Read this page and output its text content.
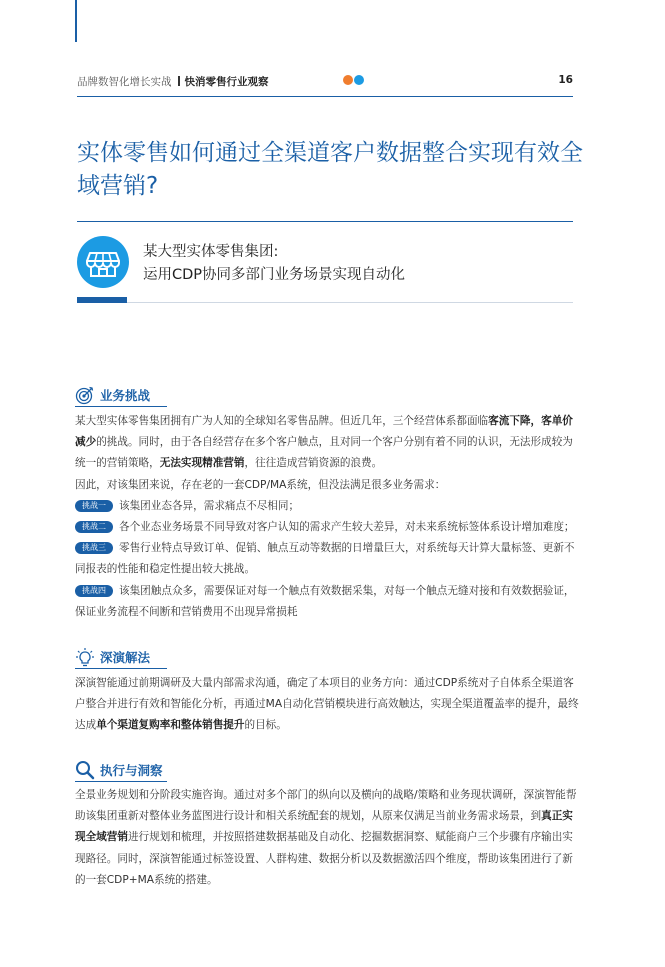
品牌数智化增长实战 快消零售行业观察	16
实体零售如何通过全渠道客户数据整合实现有效全域营销?
某大型实体零售集团:
运用CDP协同多部门业务场景实现自动化
业务挑战

某大型实体零售集团拥有广为人知的全球知名零售品牌。但近几年，三个经营体系都面临客流下降，客单价减少的挑战。同时，由于各自经营存在多个客户触点，且对同一个客户分别有着不同的认识，无法形成较为统一的营销策略，无法实现精准营销，往往造成营销资源的浪费。

因此，对该集团来说，存在老的一套CDP/MA系统，但没法满足很多业务需求：

挑战一 该集团业态各异，需求痛点不尽相同；

挑战二 各个业态业务场景不同导致对客户认知的需求产生较大差异，对未来系统标签体系设计增加难度；

挑战三 零售行业特点导致订单、促销、触点互动等数据的日增量巨大，对系统每天计算大量标签、更新不同报表的性能和稳定性提出较大挑战。

挑战四 该集团触点众多，需要保证对每一个触点有效数据采集，对每一个触点无缝对接和有效数据验证，保证业务流程不间断和营销费用不出现异常损耗

深演解法

深演智能通过前期调研及大量内部需求沟通，确定了本项目的业务方向：通过CDP系统对子自体系全渠道客户整合并进行有效和智能化分析，再通过MA自动化营销模块进行高效触达，实现全渠道覆盖率的提升，最终达成单个渠道复购率和整体销售提升的目标。

执行与洞察

全景业务规划和分阶段实施咨询。通过对多个部门的纵向以及横向的战略/策略和业务现状调研，深演智能帮助该集团重新对整体业务蓝图进行设计和相关系统配套的规划，从原来仅满足当前业务需求场景，到真正实现全域营销进行规划和梳理，并按照搭建数据基础及自动化、挖掘数据洞察、赋能商户三个步骤有序输出实现路径。同时，深演智能通过标签设置、人群构建、数据分析以及数据激活四个维度，帮助该集团进行了新的一套CDP+MA系统的搭建。
